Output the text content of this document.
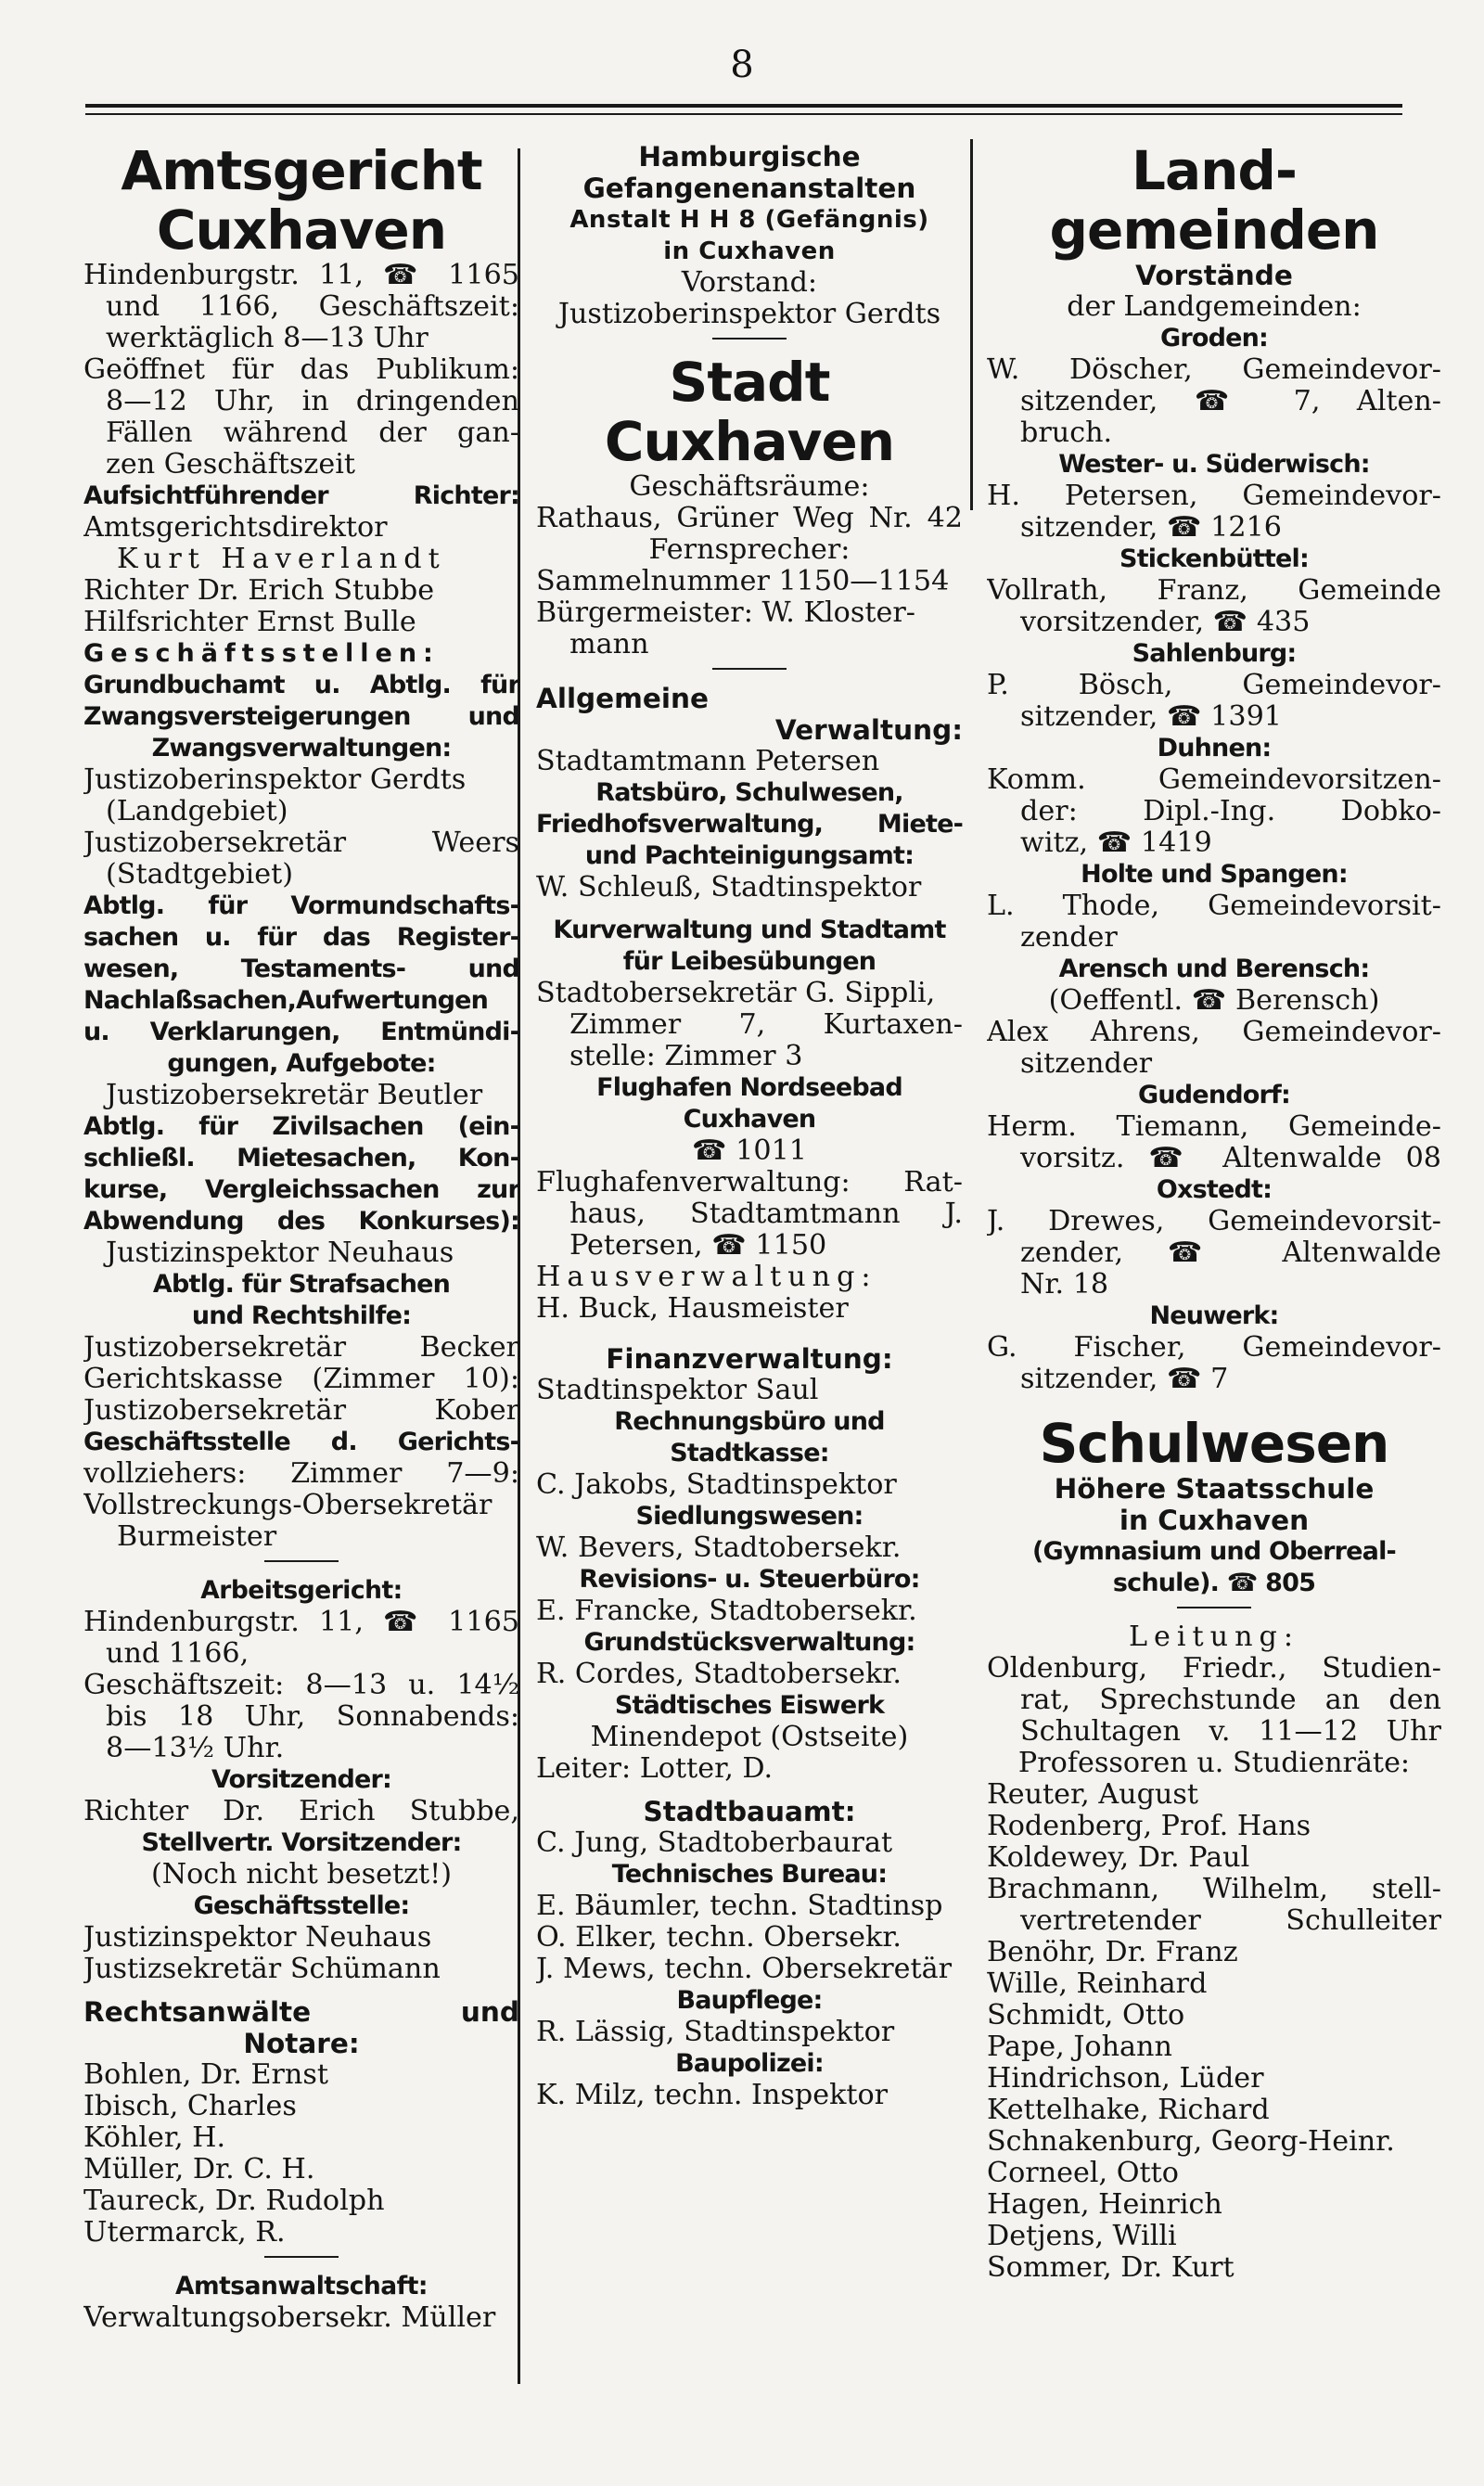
8
Amtsgericht
Cuxhaven
Hindenburgstr. 11, ☎ 1165
und 1166, Geschäftszeit:
werktäglich 8—13 Uhr
Geöffnet für das Publikum:
8—12 Uhr, in dringenden
Fällen während der gan-
zen Geschäftszeit
Aufsichtführender Richter:
Amtsgerichtsdirektor
Kurt Haverlandt
Richter Dr. Erich Stubbe
Hilfsrichter Ernst Bulle
Geschäftsstellen:
Grundbuchamt u. Abtlg. für
Zwangsversteigerungen und
Zwangsverwaltungen:
Justizoberinspektor Gerdts
(Landgebiet)
Justizobersekretär Weers
(Stadtgebiet)
Abtlg. für Vormundschafts-
sachen u. für das Register-
wesen, Testaments- und
Nachlaßsachen,Aufwertungen
u. Verklarungen, Entmündi-
gungen, Aufgebote:
Justizobersekretär Beutler
Abtlg. für Zivilsachen (ein-
schließl. Mietesachen, Kon-
kurse, Vergleichssachen zur
Abwendung des Konkurses):
Justizinspektor Neuhaus
Abtlg. für Strafsachen
und Rechtshilfe:
Justizobersekretär Becker
Gerichtskasse (Zimmer 10):
Justizobersekretär Kober
Geschäftsstelle d. Gerichts-
vollziehers: Zimmer 7—9:
Vollstreckungs-Obersekretär
Burmeister
Arbeitsgericht:
Hindenburgstr. 11, ☎ 1165
und 1166,
Geschäftszeit: 8—13 u. 14½
bis 18 Uhr, Sonnabends:
8—13½ Uhr.
Vorsitzender:
Richter Dr. Erich Stubbe,
Stellvertr. Vorsitzender:
(Noch nicht besetzt!)
Geschäftsstelle:
Justizinspektor Neuhaus
Justizsekretär Schümann
Rechtsanwälte und
Notare:
Bohlen, Dr. Ernst
Ibisch, Charles
Köhler, H.
Müller, Dr. C. H.
Taureck, Dr. Rudolph
Utermarck, R.
Amtsanwaltschaft:
Verwaltungsobersekr. Müller
Hamburgische
Gefangenenanstalten
Anstalt H H 8 (Gefängnis)
in Cuxhaven
Vorstand:
Justizoberinspektor Gerdts
Stadt
Cuxhaven
Geschäftsräume:
Rathaus, Grüner Weg Nr. 42
Fernsprecher:
Sammelnummer 1150—1154
Bürgermeister: W. Kloster-
mann
Allgemeine
Verwaltung:
Stadtamtmann Petersen
Ratsbüro, Schulwesen,
Friedhofsverwaltung, Miete-
und Pachteinigungsamt:
W. Schleuß, Stadtinspektor
Kurverwaltung und Stadtamt
für Leibesübungen
Stadtobersekretär G. Sippli,
Zimmer 7, Kurtaxen-
stelle: Zimmer 3
Flughafen Nordseebad
Cuxhaven
☎ 1011
Flughafenverwaltung: Rat-
haus, Stadtamtmann J.
Petersen, ☎ 1150
Hausverwaltung:
H. Buck, Hausmeister
Finanzverwaltung:
Stadtinspektor Saul
Rechnungsbüro und
Stadtkasse:
C. Jakobs, Stadtinspektor
Siedlungswesen:
W. Bevers, Stadtobersekr.
Revisions- u. Steuerbüro:
E. Francke, Stadtobersekr.
Grundstücksverwaltung:
R. Cordes, Stadtobersekr.
Städtisches Eiswerk
Minendepot (Ostseite)
Leiter: Lotter, D.
Stadtbauamt:
C. Jung, Stadtoberbaurat
Technisches Bureau:
E. Bäumler, techn. Stadtinsp
O. Elker, techn. Obersekr.
J. Mews, techn. Obersekretär
Baupflege:
R. Lässig, Stadtinspektor
Baupolizei:
K. Milz, techn. Inspektor
Land-
gemeinden
Vorstände
der Landgemeinden:
Groden:
W. Döscher, Gemeindevor-
sitzender, ☎ 7, Alten-
bruch.
Wester- u. Süderwisch:
H. Petersen, Gemeindevor-
sitzender, ☎ 1216
Stickenbüttel:
Vollrath, Franz, Gemeinde
vorsitzender, ☎ 435
Sahlenburg:
P. Bösch, Gemeindevor-
sitzender, ☎ 1391
Duhnen:
Komm. Gemeindevorsitzen-
der: Dipl.-Ing. Dobko-
witz, ☎ 1419
Holte und Spangen:
L. Thode, Gemeindevorsit-
zender
Arensch und Berensch:
(Oeffentl. ☎ Berensch)
Alex Ahrens, Gemeindevor-
sitzender
Gudendorf:
Herm. Tiemann, Gemeinde-
vorsitz. ☎ Altenwalde 08
Oxstedt:
J. Drewes, Gemeindevorsit-
zender, ☎ Altenwalde
Nr. 18
Neuwerk:
G. Fischer, Gemeindevor-
sitzender, ☎ 7
Schulwesen
Höhere Staatsschule
in Cuxhaven
(Gymnasium und Oberreal-
schule). ☎ 805
Leitung:
Oldenburg, Friedr., Studien-
rat, Sprechstunde an den
Schultagen v. 11—12 Uhr
Professoren u. Studienräte:
Reuter, August
Rodenberg, Prof. Hans
Koldewey, Dr. Paul
Brachmann, Wilhelm, stell-
vertretender Schulleiter
Benöhr, Dr. Franz
Wille, Reinhard
Schmidt, Otto
Pape, Johann
Hindrichson, Lüder
Kettelhake, Richard
Schnakenburg, Georg-Heinr.
Corneel, Otto
Hagen, Heinrich
Detjens, Willi
Sommer, Dr. Kurt
